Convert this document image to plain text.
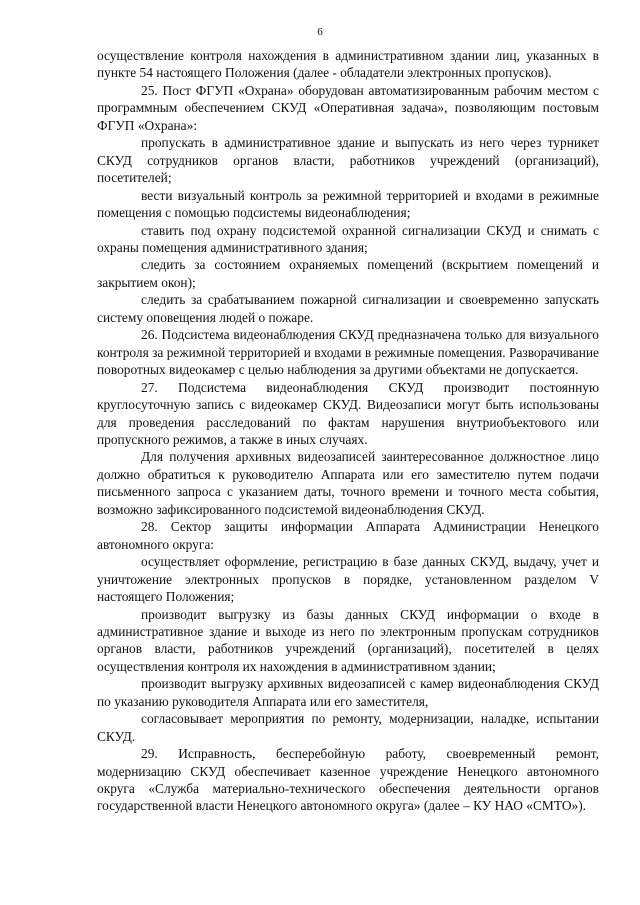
6

осуществление контроля нахождения в административном здании лиц, указанных в пункте 54 настоящего Положения (далее - обладатели электронных пропусков).

25. Пост ФГУП «Охрана» оборудован автоматизированным рабочим местом с программным обеспечением СКУД «Оперативная задача», позволяющим постовым ФГУП «Охрана»:

пропускать в административное здание и выпускать из него через турникет СКУД сотрудников органов власти, работников учреждений (организаций), посетителей;

вести визуальный контроль за режимной территорией и входами в режимные помещения с помощью подсистемы видеонаблюдения;

ставить под охрану подсистемой охранной сигнализации СКУД и снимать с охраны помещения административного здания;

следить за состоянием охраняемых помещений (вскрытием помещений и закрытием окон);

следить за срабатыванием пожарной сигнализации и своевременно запускать систему оповещения людей о пожаре.

26. Подсистема видеонаблюдения СКУД предназначена только для визуального контроля за режимной территорией и входами в режимные помещения. Разворачивание поворотных видеокамер с целью наблюдения за другими объектами не допускается.

27. Подсистема видеонаблюдения СКУД производит постоянную круглосуточную запись с видеокамер СКУД. Видеозаписи могут быть использованы для проведения расследований по фактам нарушения внутриобъектового или пропускного режимов, а также в иных случаях.

Для получения архивных видеозаписей заинтересованное должностное лицо должно обратиться к руководителю Аппарата или его заместителю путем подачи письменного запроса с указанием даты, точного времени и точного места события, возможно зафиксированного подсистемой видеонаблюдения СКУД.

28. Сектор защиты информации Аппарата Администрации Ненецкого автономного округа:

осуществляет оформление, регистрацию в базе данных СКУД, выдачу, учет и уничтожение электронных пропусков в порядке, установленном разделом V настоящего Положения;

производит выгрузку из базы данных СКУД информации о входе в административное здание и выходе из него по электронным пропускам сотрудников органов власти, работников учреждений (организаций), посетителей в целях осуществления контроля их нахождения в административном здании;

производит выгрузку архивных видеозаписей с камер видеонаблюдения СКУД по указанию руководителя Аппарата или его заместителя,

согласовывает мероприятия по ремонту, модернизации, наладке, испытании СКУД.

29. Исправность, бесперебойную работу, своевременный ремонт, модернизацию СКУД обеспечивает казенное учреждение Ненецкого автономного округа «Служба материально-технического обеспечения деятельности органов государственной власти Ненецкого автономного округа» (далее – КУ НАО «СМТО»).
